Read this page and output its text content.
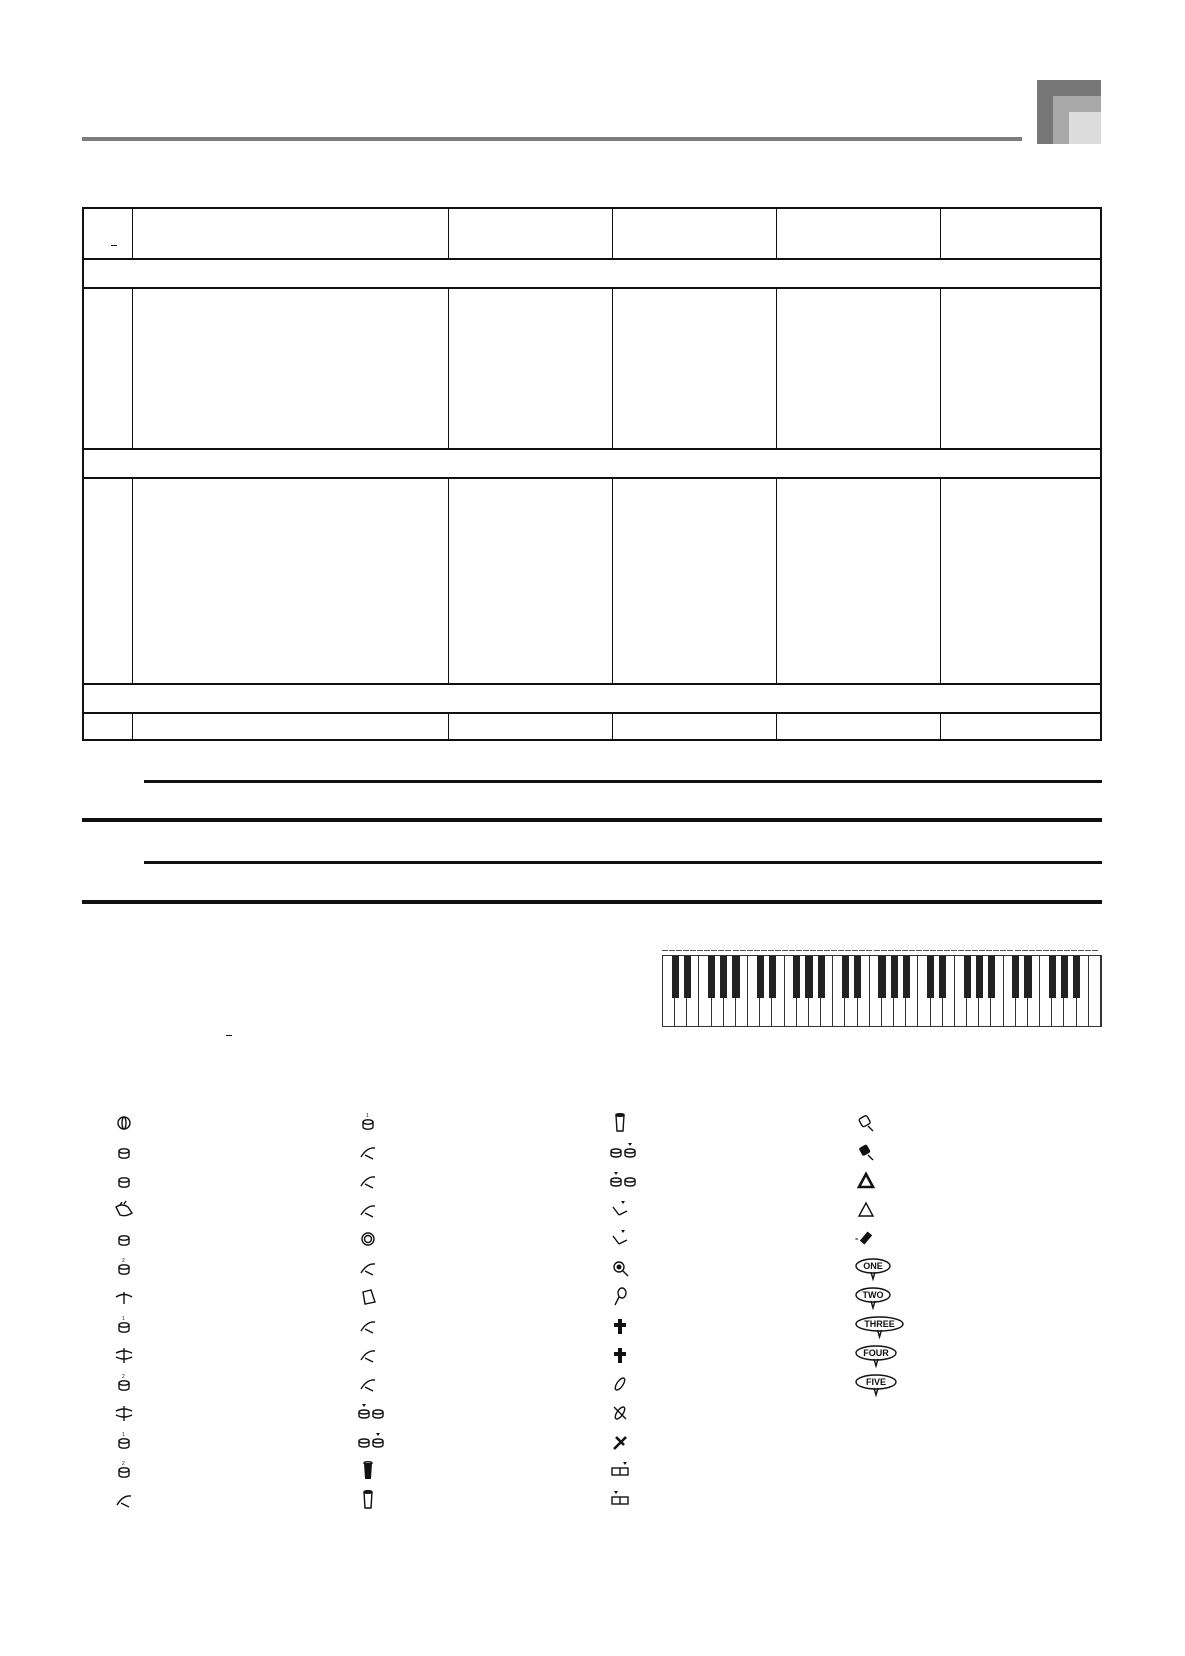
2
1
2
1
2
1
=
ONE
TWO
THREE
FOUR
FIVE
